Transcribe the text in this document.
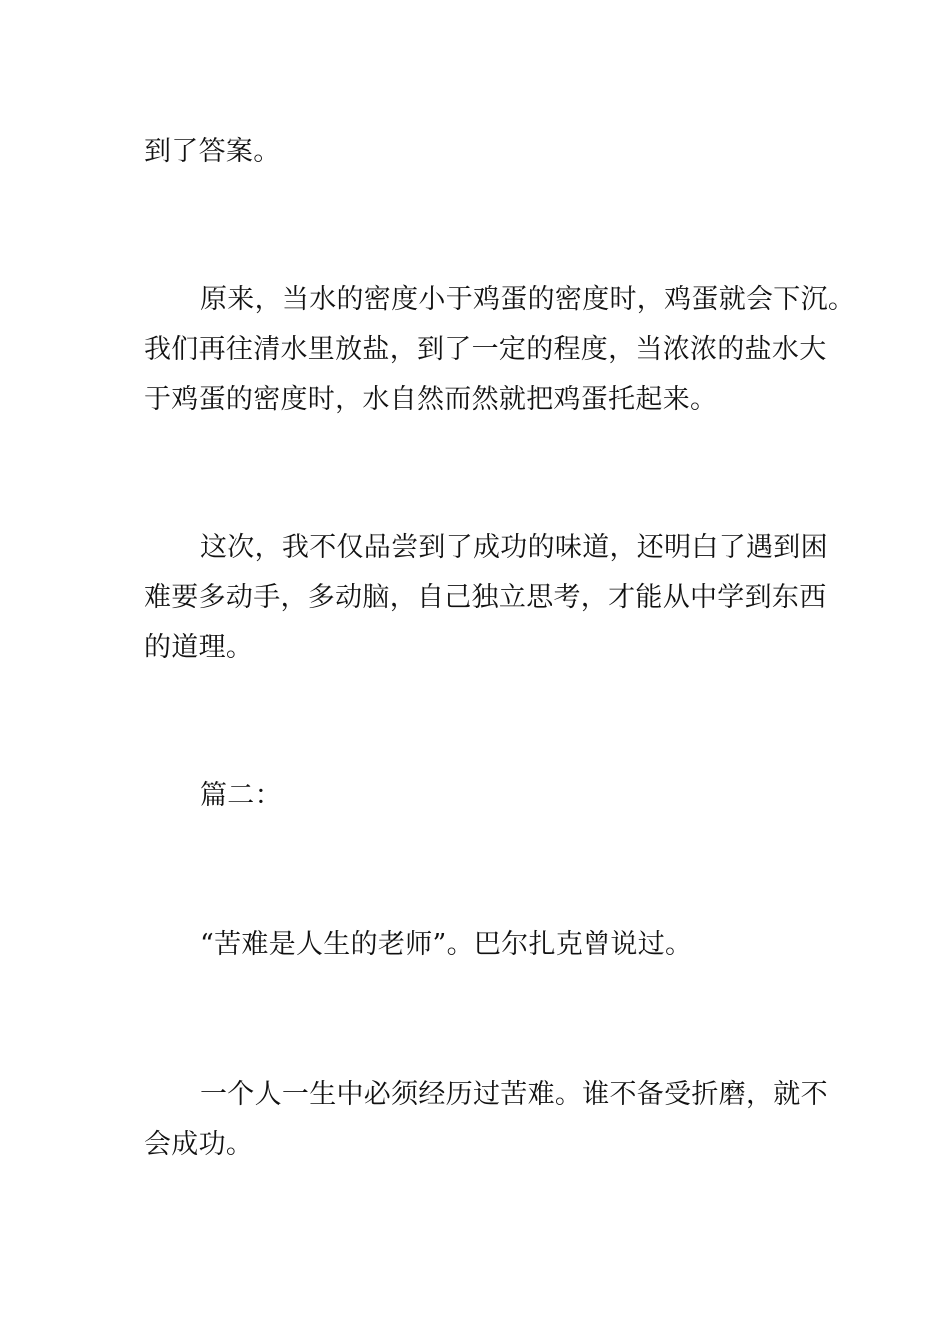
到了答案。

原来，当水的密度小于鸡蛋的密度时，鸡蛋就会下沉。

我们再往清水里放盐，到了一定的程度，当浓浓的盐水大

于鸡蛋的密度时，水自然而然就把鸡蛋托起来。

这次，我不仅品尝到了成功的味道，还明白了遇到困

难要多动手，多动脑，自己独立思考，才能从中学到东西

的道理。

篇二：

“苦难是人生的老师”。巴尔扎克曾说过。

一个人一生中必须经历过苦难。谁不备受折磨，就不

会成功。
